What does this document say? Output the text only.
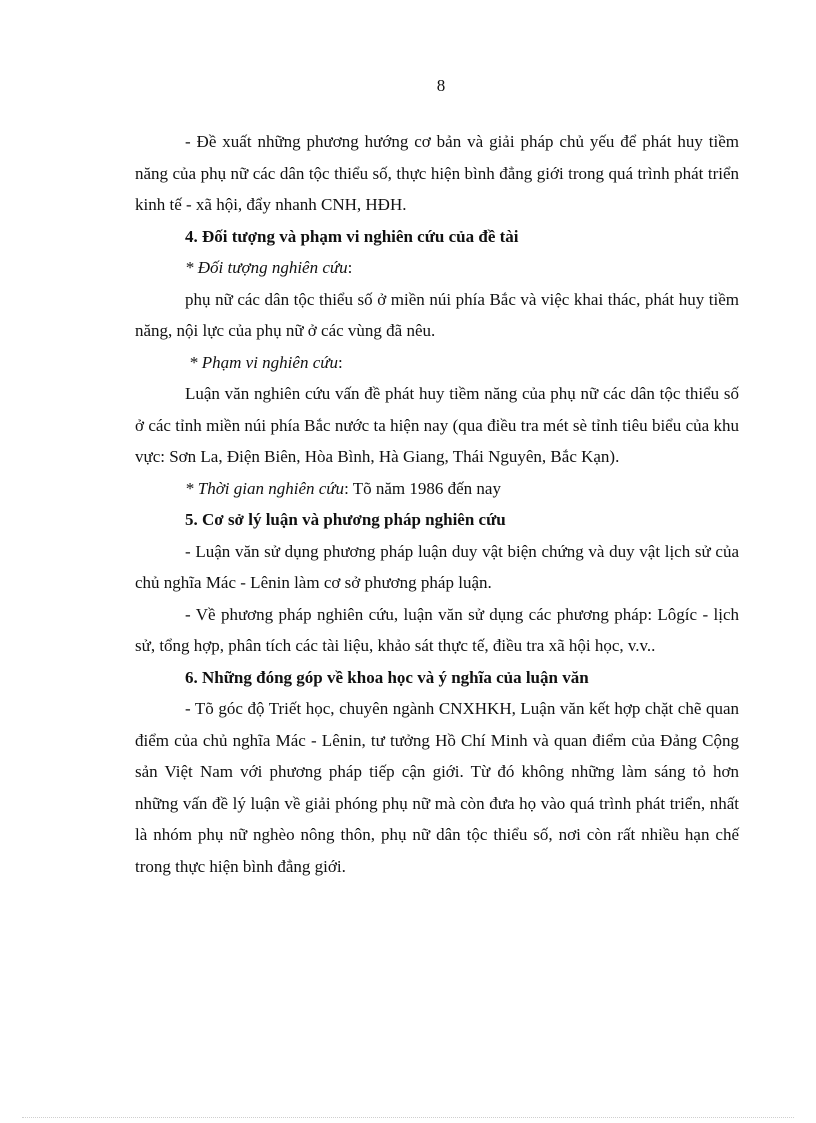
8

- Đề xuất những phương hướng cơ bản và giải pháp chủ yếu để phát huy tiềm năng của phụ nữ các dân tộc thiểu số, thực hiện bình đẳng giới trong quá trình phát triển kinh tế - xã hội, đẩy nhanh CNH, HĐH.

4. Đối tượng và phạm vi nghiên cứu của đề tài

* Đối tượng nghiên cứu:

phụ nữ các dân tộc thiểu số ở miền núi phía Bắc và việc khai thác, phát huy tiềm năng, nội lực của phụ nữ ở các vùng đã nêu.

* Phạm vi nghiên cứu:

Luận văn nghiên cứu vấn đề phát huy tiềm năng của phụ nữ các dân tộc thiểu số ở các tỉnh miền núi phía Bắc nước ta hiện nay (qua điều tra mét sè tỉnh tiêu biểu của khu vực: Sơn La, Điện Biên, Hòa Bình, Hà Giang, Thái Nguyên, Bắc Kạn).

* Thời gian nghiên cứu: Tõ năm 1986 đến nay

5. Cơ sở lý luận và phương pháp nghiên cứu

- Luận văn sử dụng phương pháp luận duy vật biện chứng và duy vật lịch sử của chủ nghĩa Mác - Lênin làm cơ sở phương pháp luận.

- Về phương pháp nghiên cứu, luận văn sử dụng các phương pháp: Lôgíc - lịch sử, tổng hợp, phân tích các tài liệu, khảo sát thực tế, điều tra xã hội học, v.v..

6. Những đóng góp về khoa học và ý nghĩa của luận văn

- Tõ góc độ Triết học, chuyên ngành CNXHKH, Luận văn kết hợp chặt chẽ quan điểm của chủ nghĩa Mác - Lênin, tư tưởng Hồ Chí Minh và quan điểm của Đảng Cộng sản Việt Nam với phương pháp tiếp cận giới. Từ đó không những làm sáng tỏ hơn những vấn đề lý luận về giải phóng phụ nữ mà còn đưa họ vào quá trình phát triển, nhất là nhóm phụ nữ nghèo nông thôn, phụ nữ dân tộc thiểu số, nơi còn rất nhiều hạn chế trong thực hiện bình đẳng giới.
